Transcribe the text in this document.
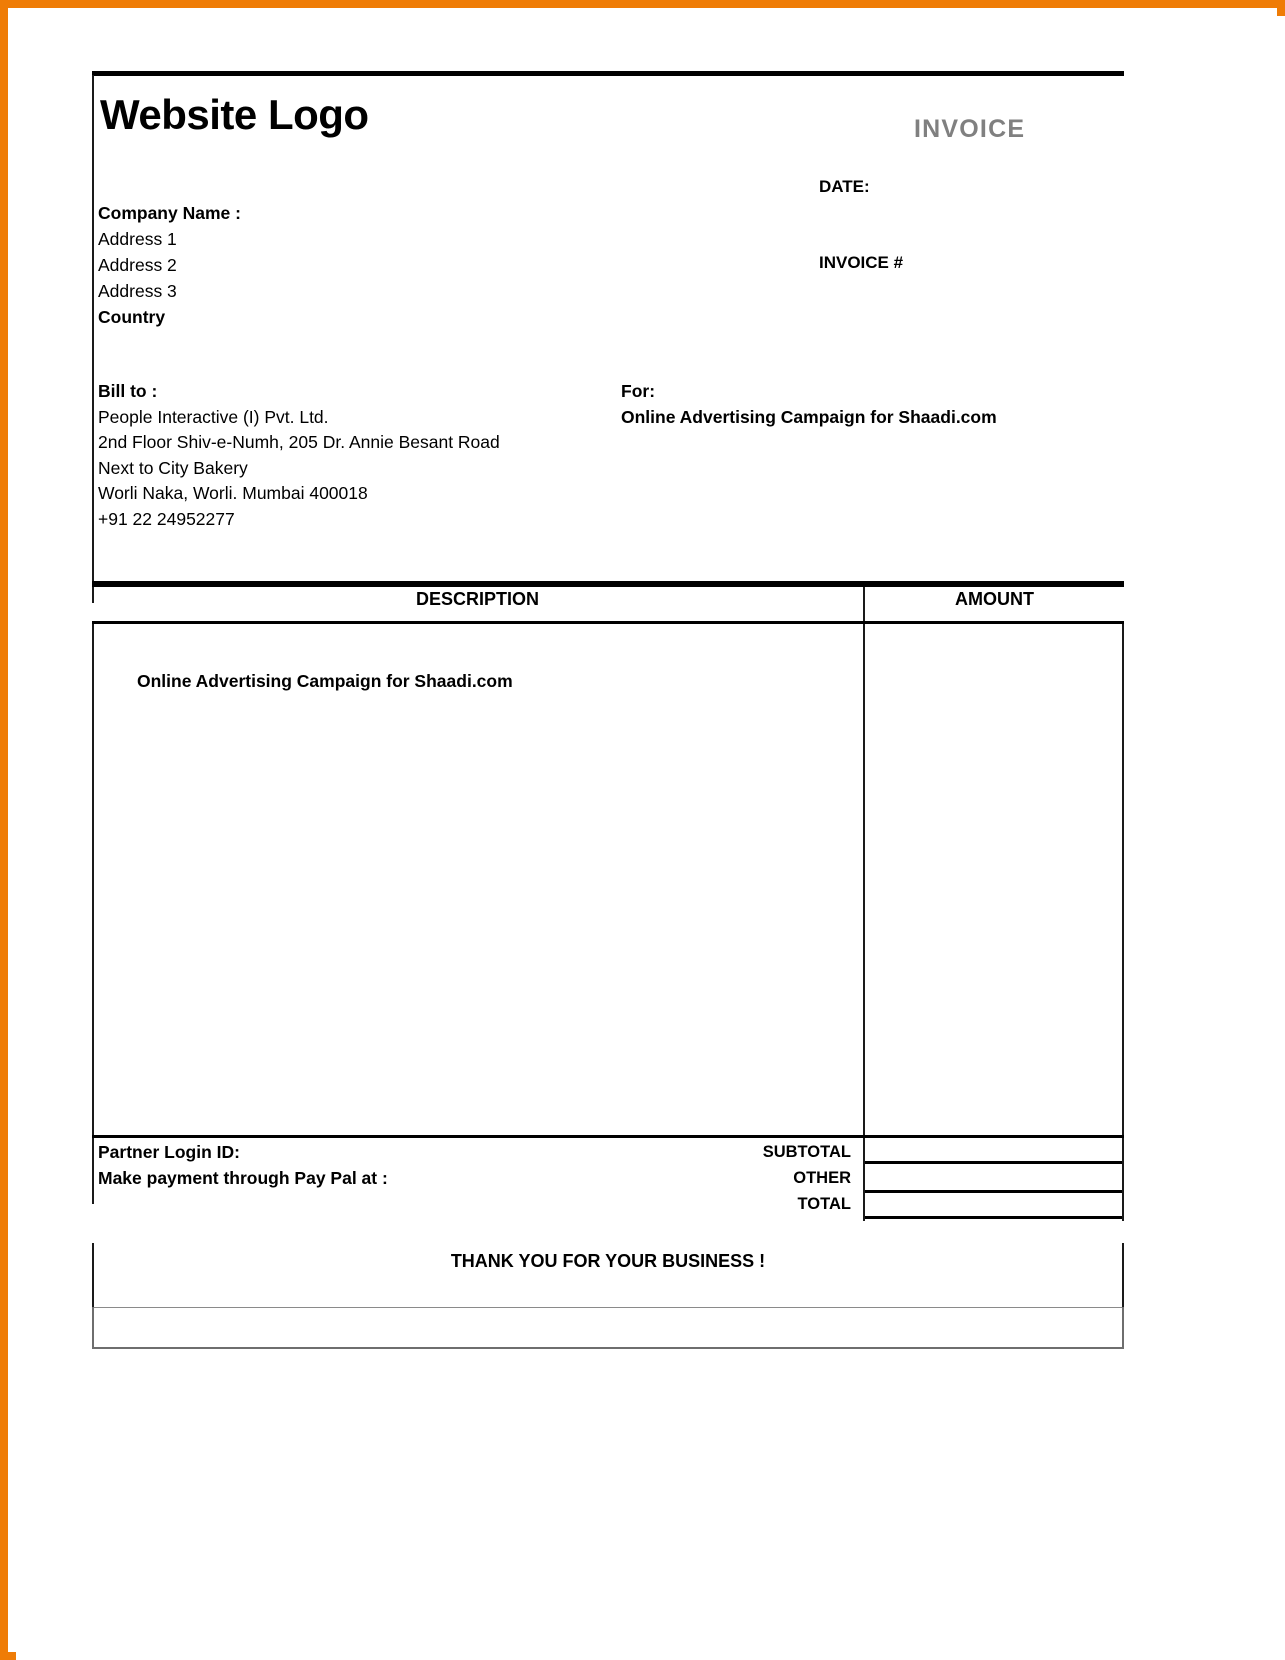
Website Logo	INVOICE
DATE:
INVOICE #
Company Name :
Address 1
Address 2
Address 3
Country
Bill to :
People Interactive (I) Pvt. Ltd.
2nd Floor Shiv-e-Numh, 205 Dr. Annie Besant Road
Next to City Bakery
Worli Naka, Worli. Mumbai 400018
+91 22 24952277
For:
Online Advertising Campaign for Shaadi.com
DESCRIPTION	AMOUNT
Online Advertising Campaign for Shaadi.com
Partner Login ID:
Make payment through Pay Pal at :
SUBTOTAL
OTHER
TOTAL
THANK YOU FOR YOUR BUSINESS !
